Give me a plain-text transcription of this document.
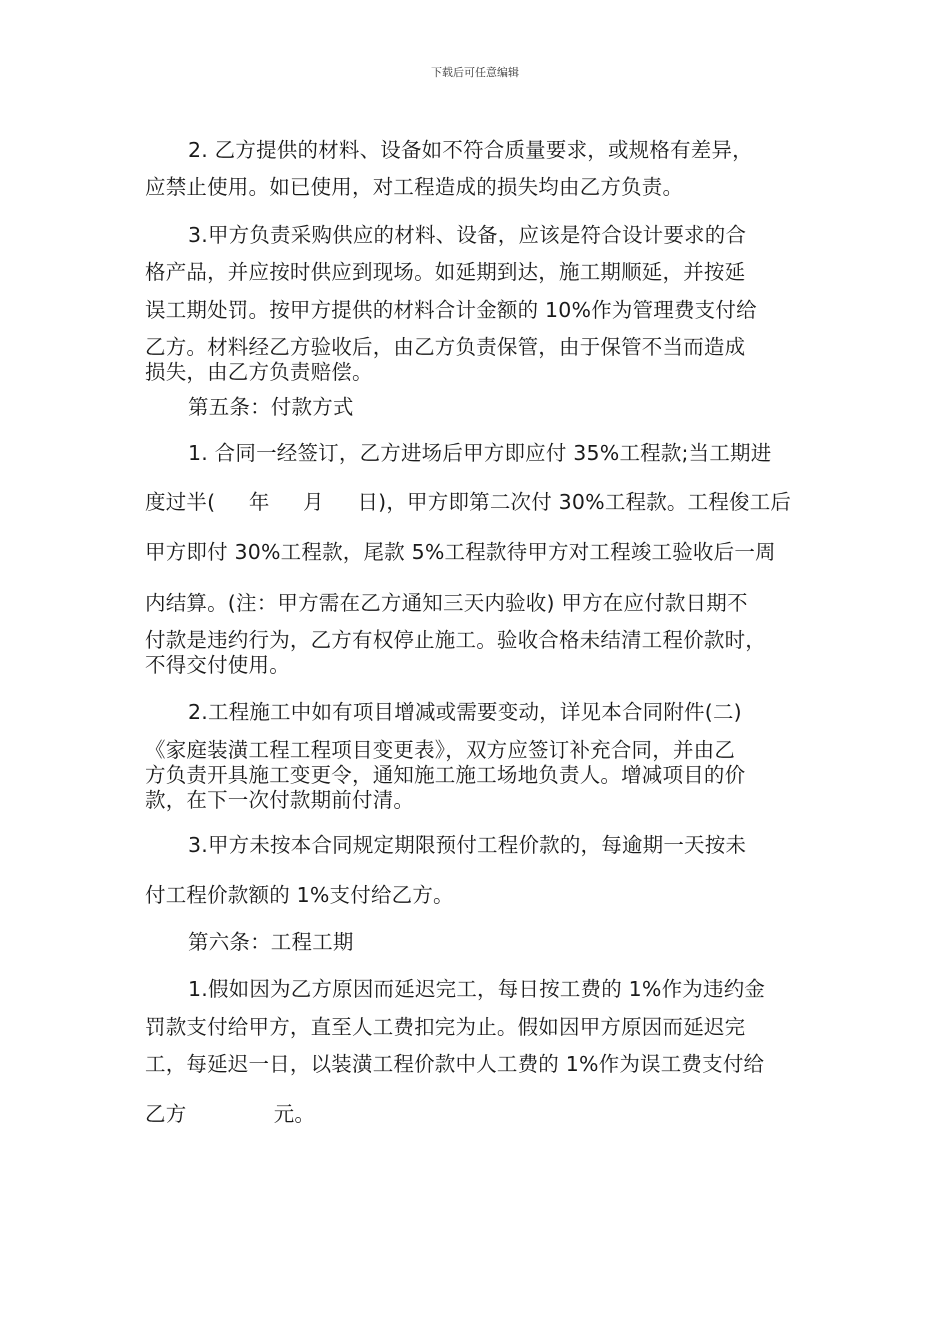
下载后可任意编辑
2. 乙方提供的材料、设备如不符合质量要求，或规格有差异，
应禁止使用。如已使用，对工程造成的损失均由乙方负责。
3.甲方负责采购供应的材料、设备，应该是符合设计要求的合
格产品，并应按时供应到现场。如延期到达，施工期顺延，并按延
误工期处罚。按甲方提供的材料合计金额的 10%作为管理费支付给
乙方。材料经乙方验收后，由乙方负责保管，由于保管不当而造成
损失，由乙方负责赔偿。
第五条：付款方式
1. 合同一经签订，乙方进场后甲方即应付 35%工程款;当工期进
度过半(     年     月     日)，甲方即第二次付 30%工程款。工程俊工后
甲方即付 30%工程款，尾款 5%工程款待甲方对工程竣工验收后一周
内结算。(注：甲方需在乙方通知三天内验收) 甲方在应付款日期不
付款是违约行为，乙方有权停止施工。验收合格未结清工程价款时，
不得交付使用。
2.工程施工中如有项目增减或需要变动，详见本合同附件(二)
《家庭装潢工程工程项目变更表》，双方应签订补充合同，并由乙
方负责开具施工变更令，通知施工施工场地负责人。增减项目的价
款，在下一次付款期前付清。
3.甲方未按本合同规定期限预付工程价款的，每逾期一天按未
付工程价款额的 1%支付给乙方。
第六条：工程工期
1.假如因为乙方原因而延迟完工，每日按工费的 1%作为违约金
罚款支付给甲方，直至人工费扣完为止。假如因甲方原因而延迟完
工，每延迟一日，以装潢工程价款中人工费的 1%作为误工费支付给
乙方             元。
